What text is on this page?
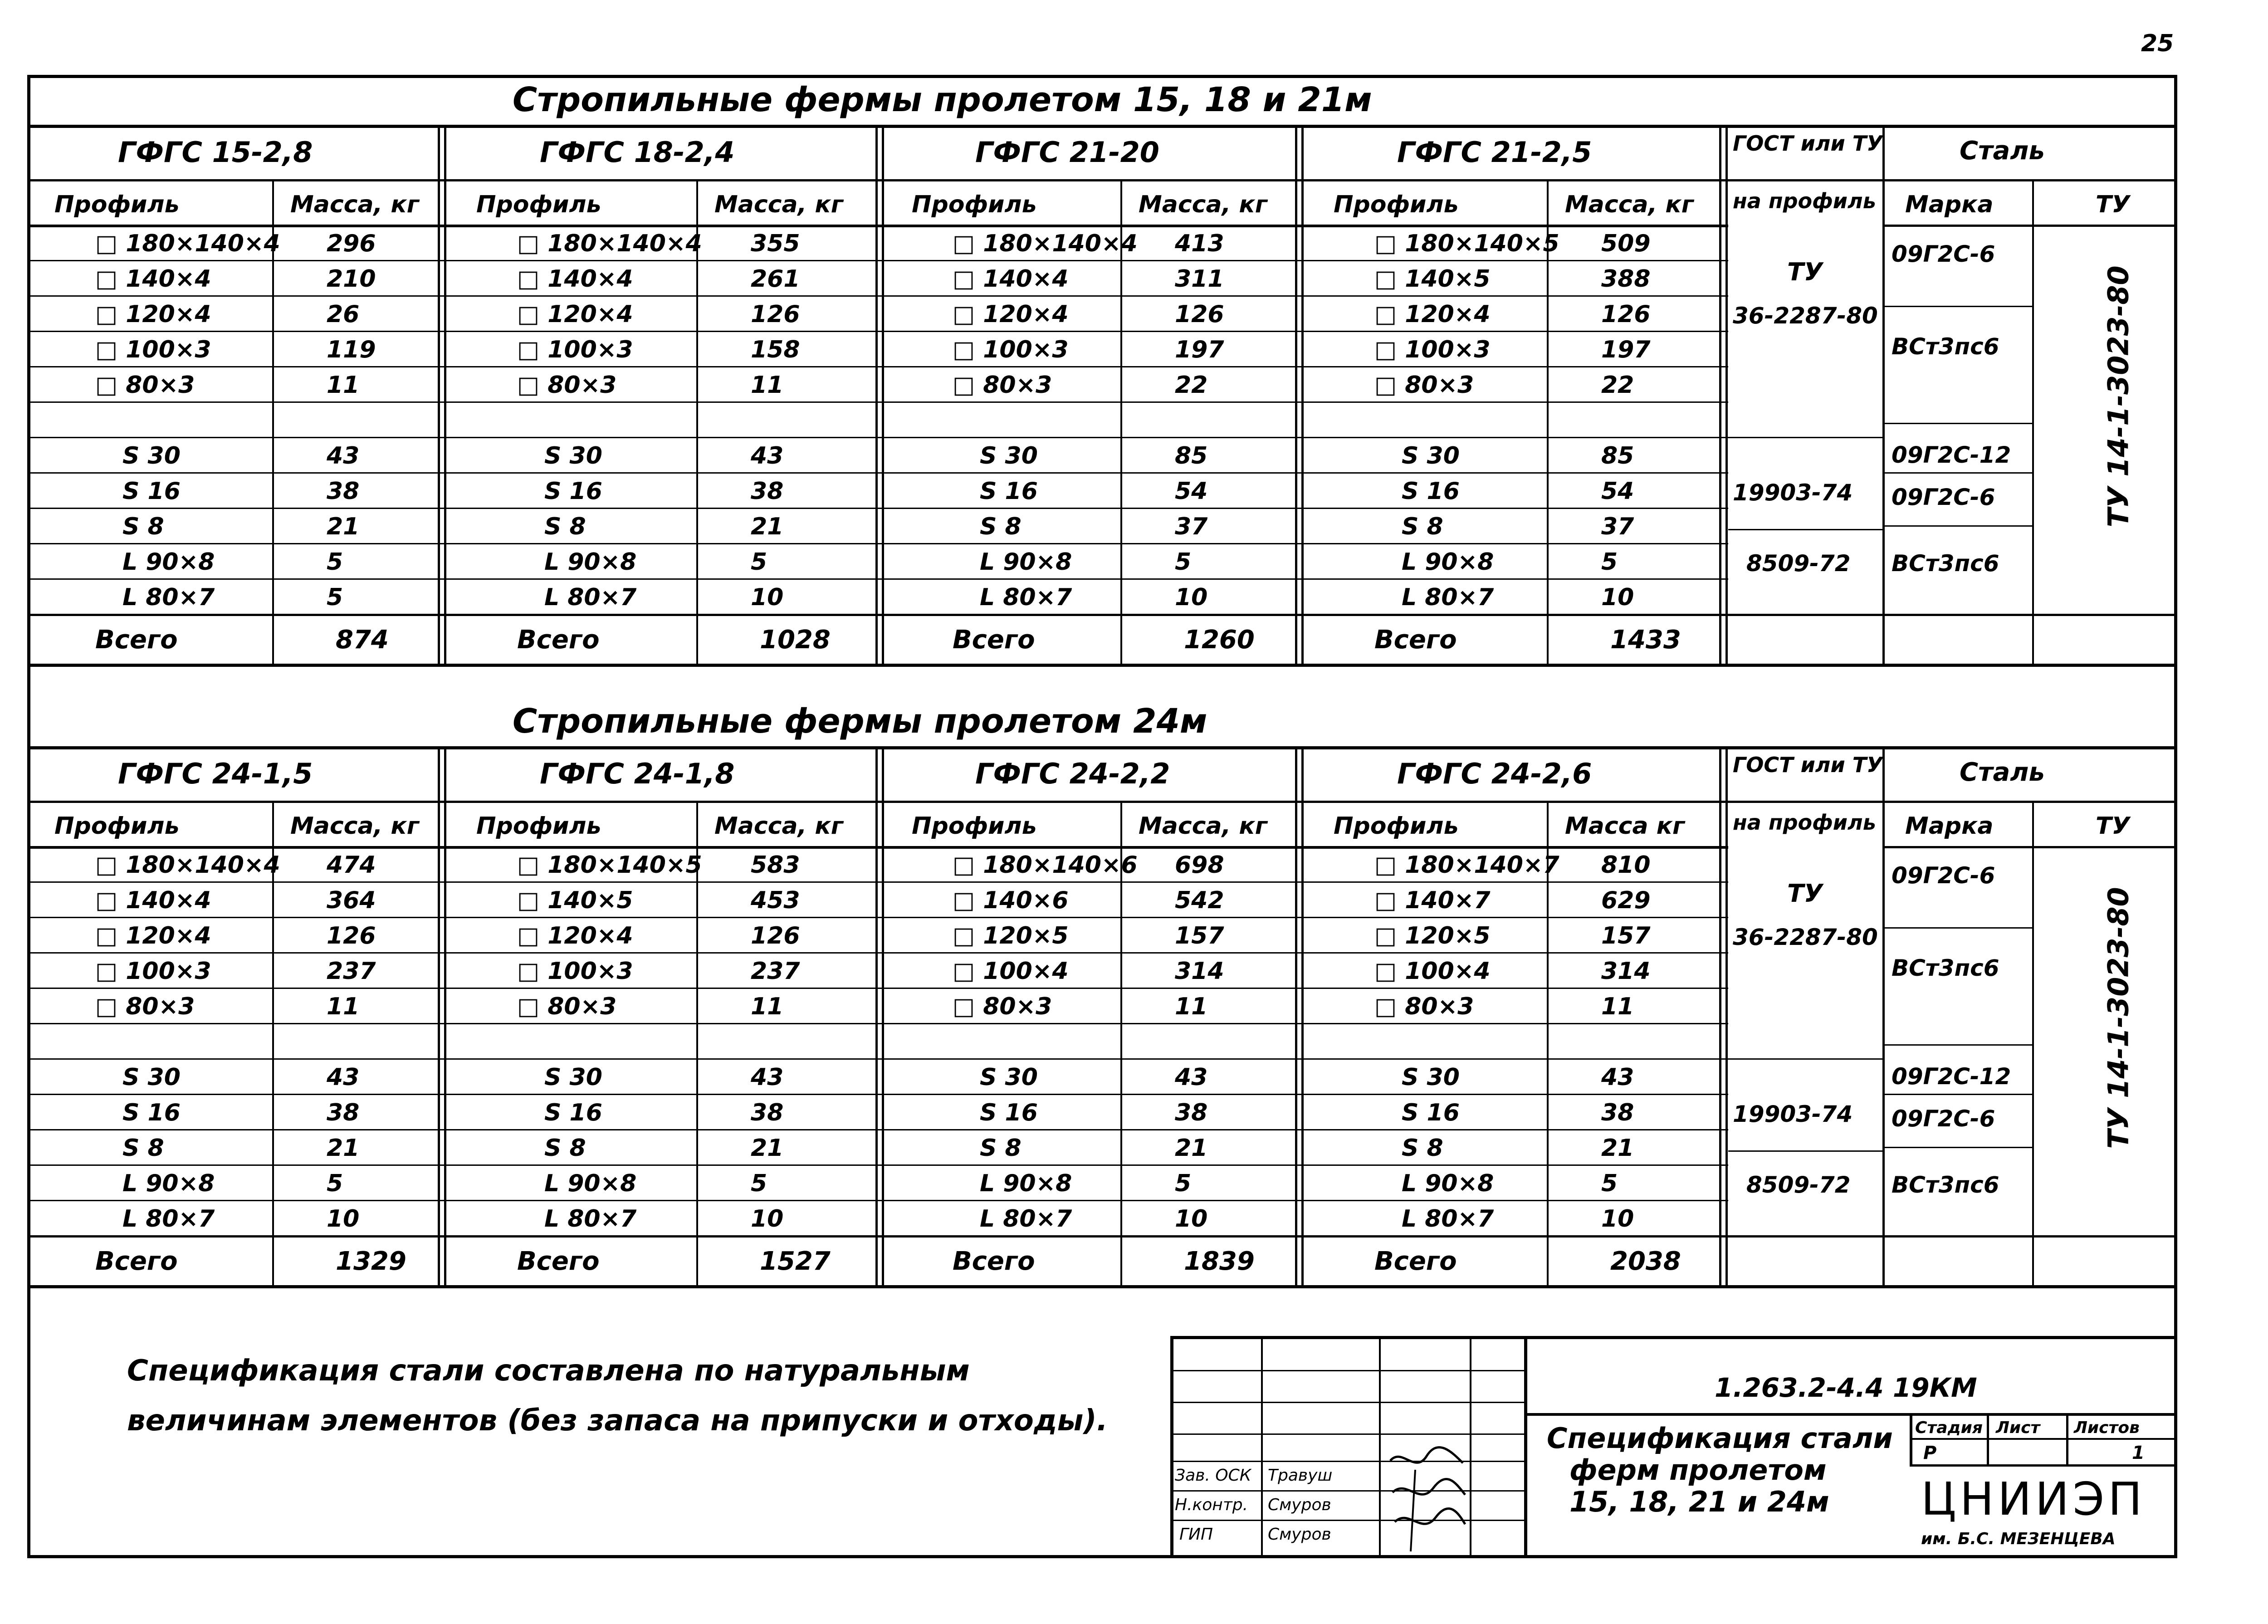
25
Стропильные фермы пролетом 15, 18 и 21м
ГФГС 15-2,8
Профиль	Масса, кг
□ 180×140×4 296
□ 140×4	210
□ 120×4	26
□ 100×3	119
□ 80×3	11
S 30	43
S 16	38
S 8	21
L 90×8	5
L 80×7	5
Всего	874
ГФГС 18-2,4
Профиль	Масса, кг
□ 180×140×4 355
□ 140×4	261
□ 120×4	126
□ 100×3	158
□ 80×3	11
S 30	43
S 16	38
S 8	21
L 90×8	5
L 80×7	10
Всего	1028
ГФГС 21-20
Профиль	Масса, кг
□ 180×140×4 413
□ 140×4	311
□ 120×4	126
□ 100×3	197
□ 80×3	22
S 30	85
S 16	54
S 8	37
L 90×8	5
L 80×7	10
Всего	1260
ГФГС 21-2,5
Профиль	Масса, кг
□ 180×140×5 509
□ 140×5	388
□ 120×4	126
□ 100×3	197
□ 80×3	22
S 30	85
S 16	54
S 8	37
L 90×8	5
L 80×7	10
Всего	1433
ГОСТ или ТУ
на профиль
Сталь
Марка	ТУ
ТУ
36-2287-80
19903-74
8509-72
09Г2С-6
ВСт3пс6
09Г2С-12
09Г2С-6
ВСт3пс6
ТУ 14-1-3023-80
Стропильные фермы пролетом 24м
ГФГС 24-1,5
Профиль	Масса, кг
□ 180×140×4 474
□ 140×4	364
□ 120×4	126
□ 100×3	237
□ 80×3	11
S 30	43
S 16	38
S 8	21
L 90×8	5
L 80×7	10
Всего	1329
ГФГС 24-1,8
Профиль	Масса, кг
□ 180×140×5 583
□ 140×5	453
□ 120×4	126
□ 100×3	237
□ 80×3	11
S 30	43
S 16	38
S 8	21
L 90×8	5
L 80×7	10
Всего	1527
ГФГС 24-2,2
Профиль	Масса, кг
□ 180×140×6 698
□ 140×6	542
□ 120×5	157
□ 100×4	314
□ 80×3	11
S 30	43
S 16	38
S 8	21
L 90×8	5
L 80×7	10
Всего	1839
ГФГС 24-2,6
Профиль	Масса кг
□ 180×140×7 810
□ 140×7	629
□ 120×5	157
□ 100×4	314
□ 80×3	11
S 30	43
S 16	38
S 8	21
L 90×8	5
L 80×7	10
Всего	2038
ГОСТ или ТУ
на профиль
Сталь
Марка	ТУ
ТУ
36-2287-80
19903-74
8509-72
09Г2С-6
ВСт3пс6
09Г2С-12
09Г2С-6
ВСт3пс6
ТУ 14-1-3023-80
Спецификация стали составлена по натуральным
величинам элементов (без запаса на припуски и отходы).
1.263.2-4.4 19КМ
Спецификация стали
ферм пролетом
15, 18, 21 и 24м
Стадия Лист Листов
Р	1
ЦНИИЭП
им. Б.С. МЕЗЕНЦЕВА
Зав. ОСК Травуш
Н.контр. Смуров
ГИП	Смуров
